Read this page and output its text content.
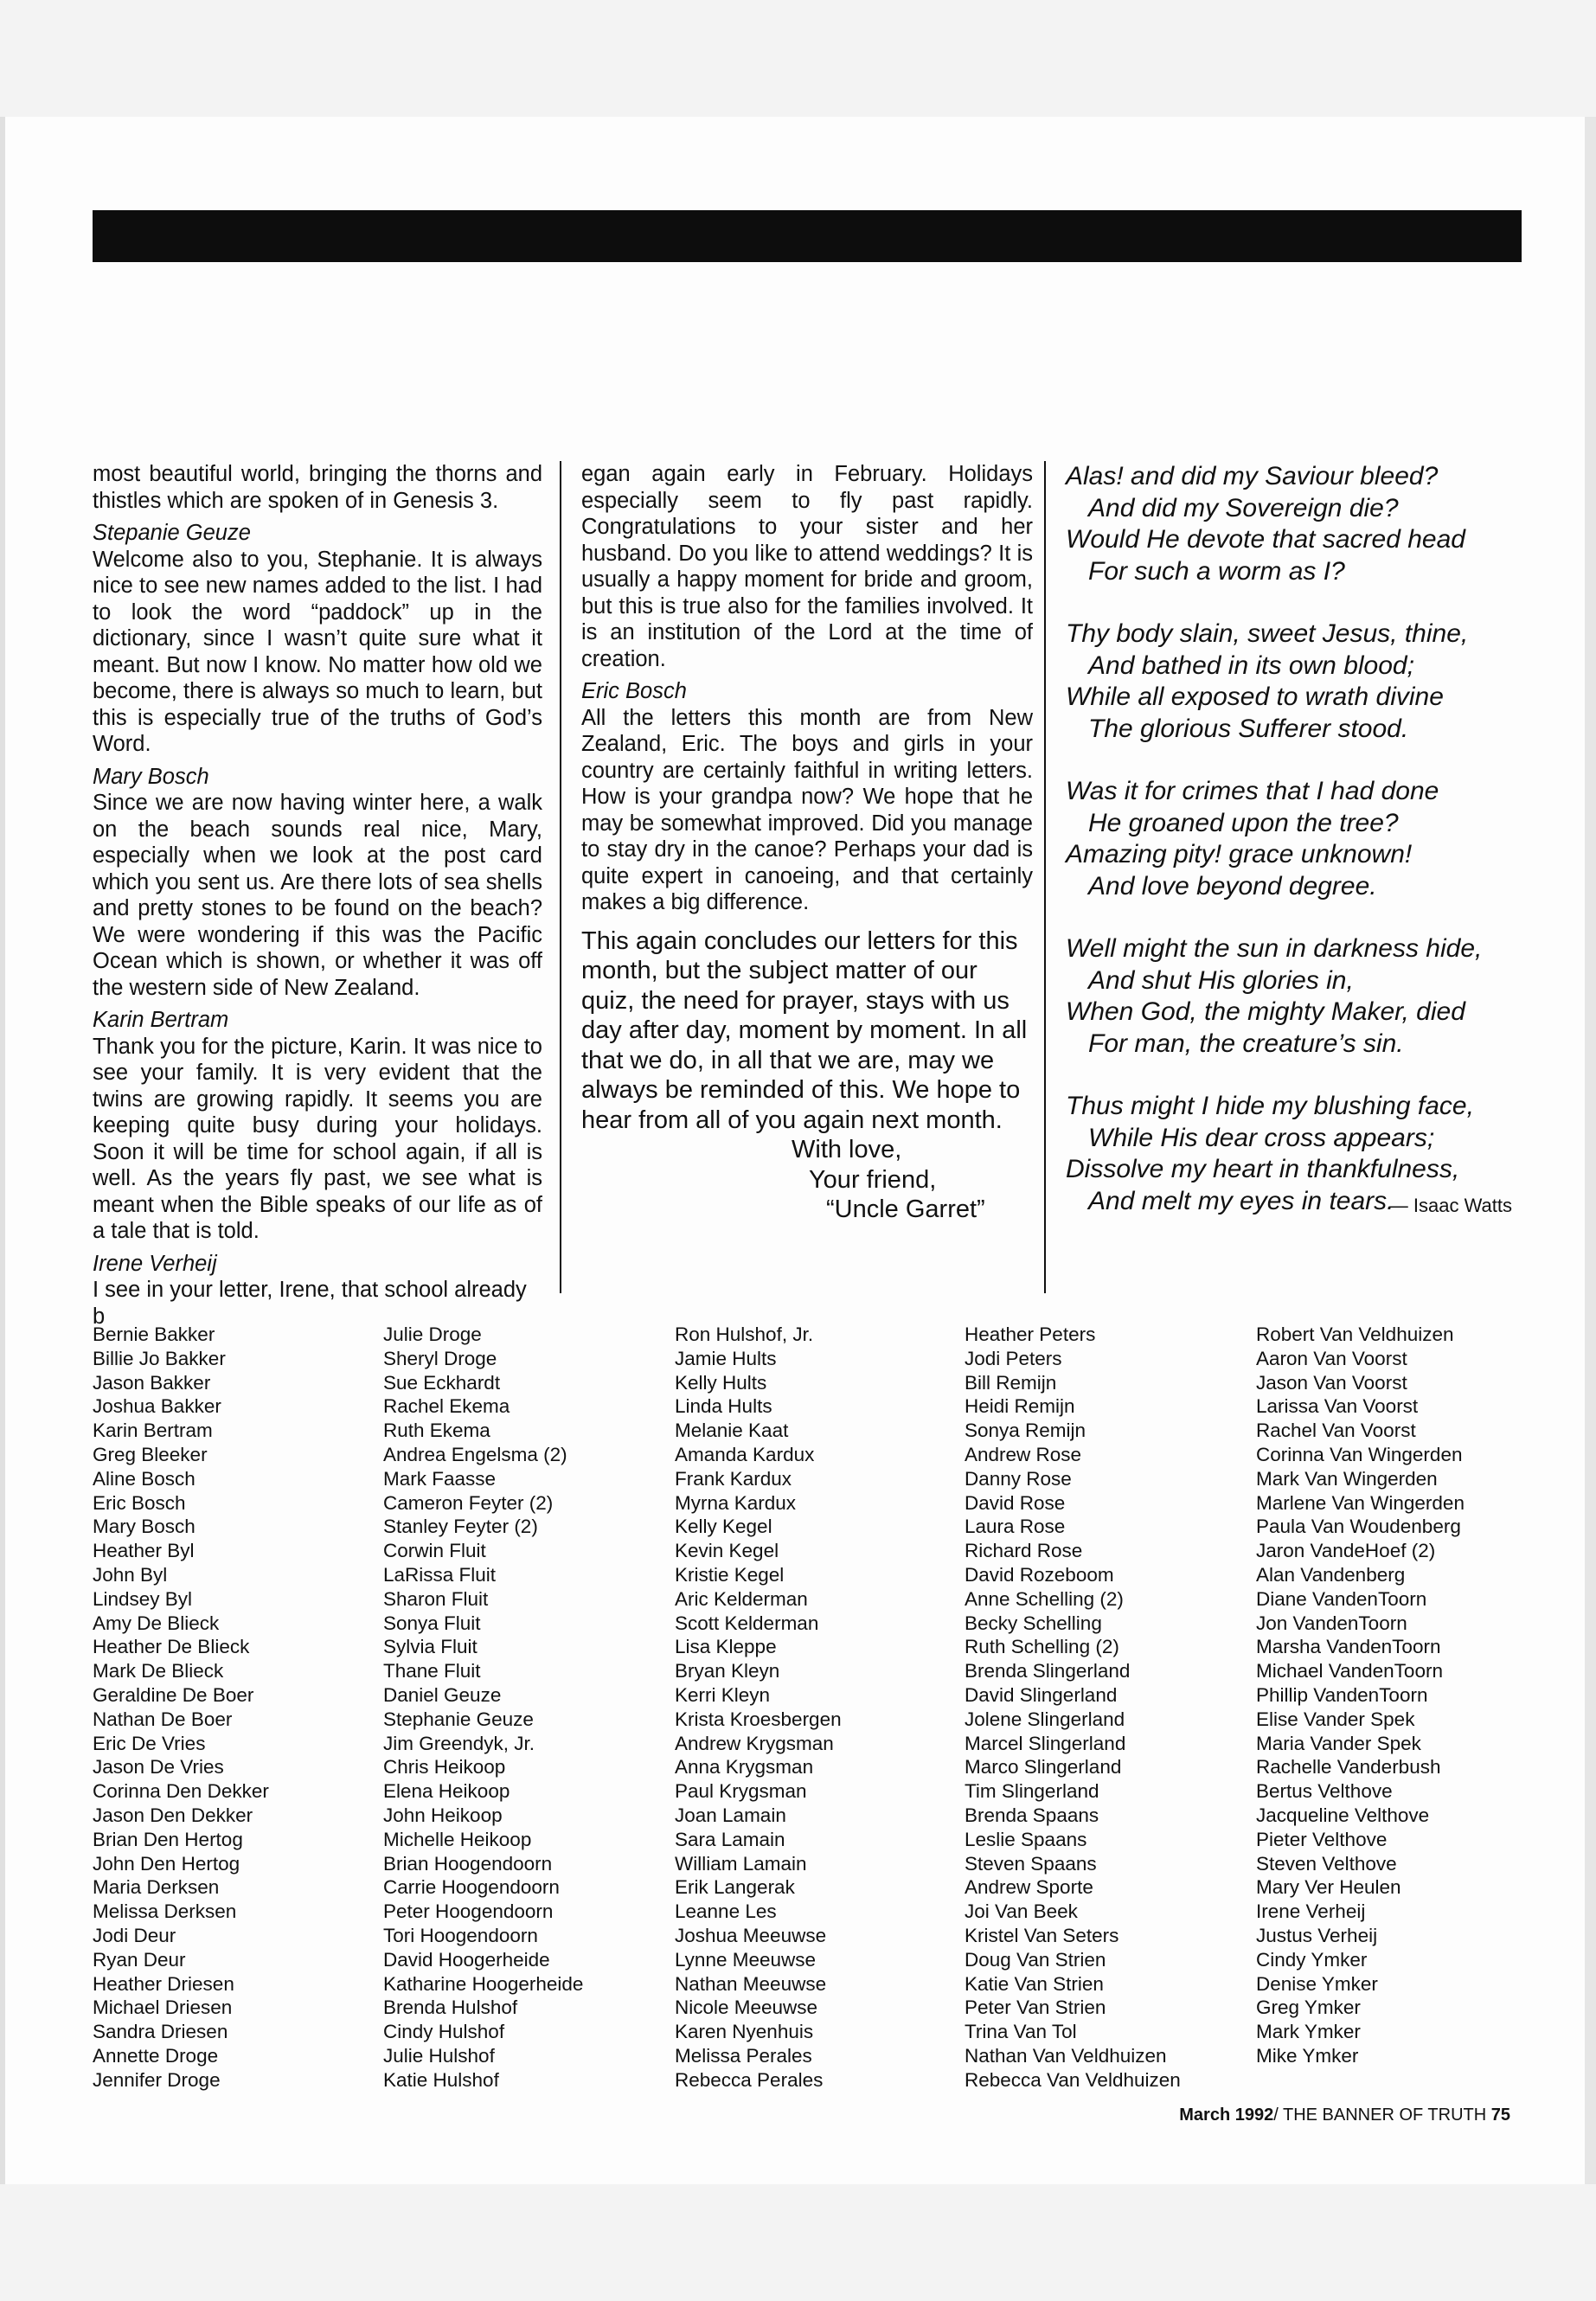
most beautiful world, bringing the thorns and thistles which are spoken of in Genesis 3.

Stepanie Geuze

Welcome also to you, Stephanie. It is always nice to see new names added to the list. I had to look the word “paddock” up in the dictionary, since I wasn’t quite sure what it meant. But now I know. No matter how old we become, there is always so much to learn, but this is especially true of the truths of God’s Word.

Mary Bosch

Since we are now having winter here, a walk on the beach sounds real nice, Mary, especially when we look at the post card which you sent us. Are there lots of sea shells and pretty stones to be found on the beach? We were wondering if this was the Pacific Ocean which is shown, or whether it was off the western side of New Zealand.

Karin Bertram

Thank you for the picture, Karin. It was nice to see your family. It is very evident that the twins are growing rapidly. It seems you are keeping quite busy during your holidays. Soon it will be time for school again, if all is well. As the years fly past, we see what is meant when the Bible speaks of our life as of a tale that is told.

Irene Verheij

I see in your letter, Irene, that school already b

egan again early in February. Holidays especially seem to fly past rapidly. Congratulations to your sister and her husband. Do you like to attend weddings? It is usually a happy moment for bride and groom, but this is true also for the families involved. It is an institution of the Lord at the time of creation.

Eric Bosch

All the letters this month are from New Zealand, Eric. The boys and girls in your country are certainly faithful in writing letters. How is your grandpa now? We hope that he may be somewhat improved. Did you manage to stay dry in the canoe? Perhaps your dad is quite expert in canoeing, and that certainly makes a big difference.

This again concludes our letters for this month, but the subject matter of our quiz, the need for prayer, stays with us day after day, moment by moment. In all that we do, in all that we are, may we always be reminded of this. We hope to hear from all of you again next month.

With love,
Your friend,
“Uncle Garret”
Alas! and did my Saviour bleed?
And did my Sovereign die?
Would He devote that sacred head
For such a worm as I?
Thy body slain, sweet Jesus, thine,
And bathed in its own blood;
While all exposed to wrath divine
The glorious Sufferer stood.
Was it for crimes that I had done
He groaned upon the tree?
Amazing pity! grace unknown!
And love beyond degree.
Well might the sun in darkness hide,
And shut His glories in,
When God, the mighty Maker, died
For man, the creature’s sin.
Thus might I hide my blushing face,
While His dear cross appears;
Dissolve my heart in thankfulness,
And melt my eyes in tears.
— Isaac Watts
Bernie Bakker
Billie Jo Bakker
Jason Bakker
Joshua Bakker
Karin Bertram
Greg Bleeker
Aline Bosch
Eric Bosch
Mary Bosch
Heather Byl
John Byl
Lindsey Byl
Amy De Blieck
Heather De Blieck
Mark De Blieck
Geraldine De Boer
Nathan De Boer
Eric De Vries
Jason De Vries
Corinna Den Dekker
Jason Den Dekker
Brian Den Hertog
John Den Hertog
Maria Derksen
Melissa Derksen
Jodi Deur
Ryan Deur
Heather Driesen
Michael Driesen
Sandra Driesen
Annette Droge
Jennifer Droge
Julie Droge
Sheryl Droge
Sue Eckhardt
Rachel Ekema
Ruth Ekema
Andrea Engelsma (2)
Mark Faasse
Cameron Feyter (2)
Stanley Feyter (2)
Corwin Fluit
LaRissa Fluit
Sharon Fluit
Sonya Fluit
Sylvia Fluit
Thane Fluit
Daniel Geuze
Stephanie Geuze
Jim Greendyk, Jr.
Chris Heikoop
Elena Heikoop
John Heikoop
Michelle Heikoop
Brian Hoogendoorn
Carrie Hoogendoorn
Peter Hoogendoorn
Tori Hoogendoorn
David Hoogerheide
Katharine Hoogerheide
Brenda Hulshof
Cindy Hulshof
Julie Hulshof
Katie Hulshof
Ron Hulshof, Jr.
Jamie Hults
Kelly Hults
Linda Hults
Melanie Kaat
Amanda Kardux
Frank Kardux
Myrna Kardux
Kelly Kegel
Kevin Kegel
Kristie Kegel
Aric Kelderman
Scott Kelderman
Lisa Kleppe
Bryan Kleyn
Kerri Kleyn
Krista Kroesbergen
Andrew Krygsman
Anna Krygsman
Paul Krygsman
Joan Lamain
Sara Lamain
William Lamain
Erik Langerak
Leanne Les
Joshua Meeuwse
Lynne Meeuwse
Nathan Meeuwse
Nicole Meeuwse
Karen Nyenhuis
Melissa Perales
Rebecca Perales
Heather Peters
Jodi Peters
Bill Remijn
Heidi Remijn
Sonya Remijn
Andrew Rose
Danny Rose
David Rose
Laura Rose
Richard Rose
David Rozeboom
Anne Schelling (2)
Becky Schelling
Ruth Schelling (2)
Brenda Slingerland
David Slingerland
Jolene Slingerland
Marcel Slingerland
Marco Slingerland
Tim Slingerland
Brenda Spaans
Leslie Spaans
Steven Spaans
Andrew Sporte
Joi Van Beek
Kristel Van Seters
Doug Van Strien
Katie Van Strien
Peter Van Strien
Trina Van Tol
Nathan Van Veldhuizen
Rebecca Van Veldhuizen
Robert Van Veldhuizen
Aaron Van Voorst
Jason Van Voorst
Larissa Van Voorst
Rachel Van Voorst
Corinna Van Wingerden
Mark Van Wingerden
Marlene Van Wingerden
Paula Van Woudenberg
Jaron VandeHoef (2)
Alan Vandenberg
Diane VandenToorn
Jon VandenToorn
Marsha VandenToorn
Michael VandenToorn
Phillip VandenToorn
Elise Vander Spek
Maria Vander Spek
Rachelle Vanderbush
Bertus Velthove
Jacqueline Velthove
Pieter Velthove
Steven Velthove
Mary Ver Heulen
Irene Verheij
Justus Verheij
Cindy Ymker
Denise Ymker
Greg Ymker
Mark Ymker
Mike Ymker
March 1992/ THE BANNER OF TRUTH 75
